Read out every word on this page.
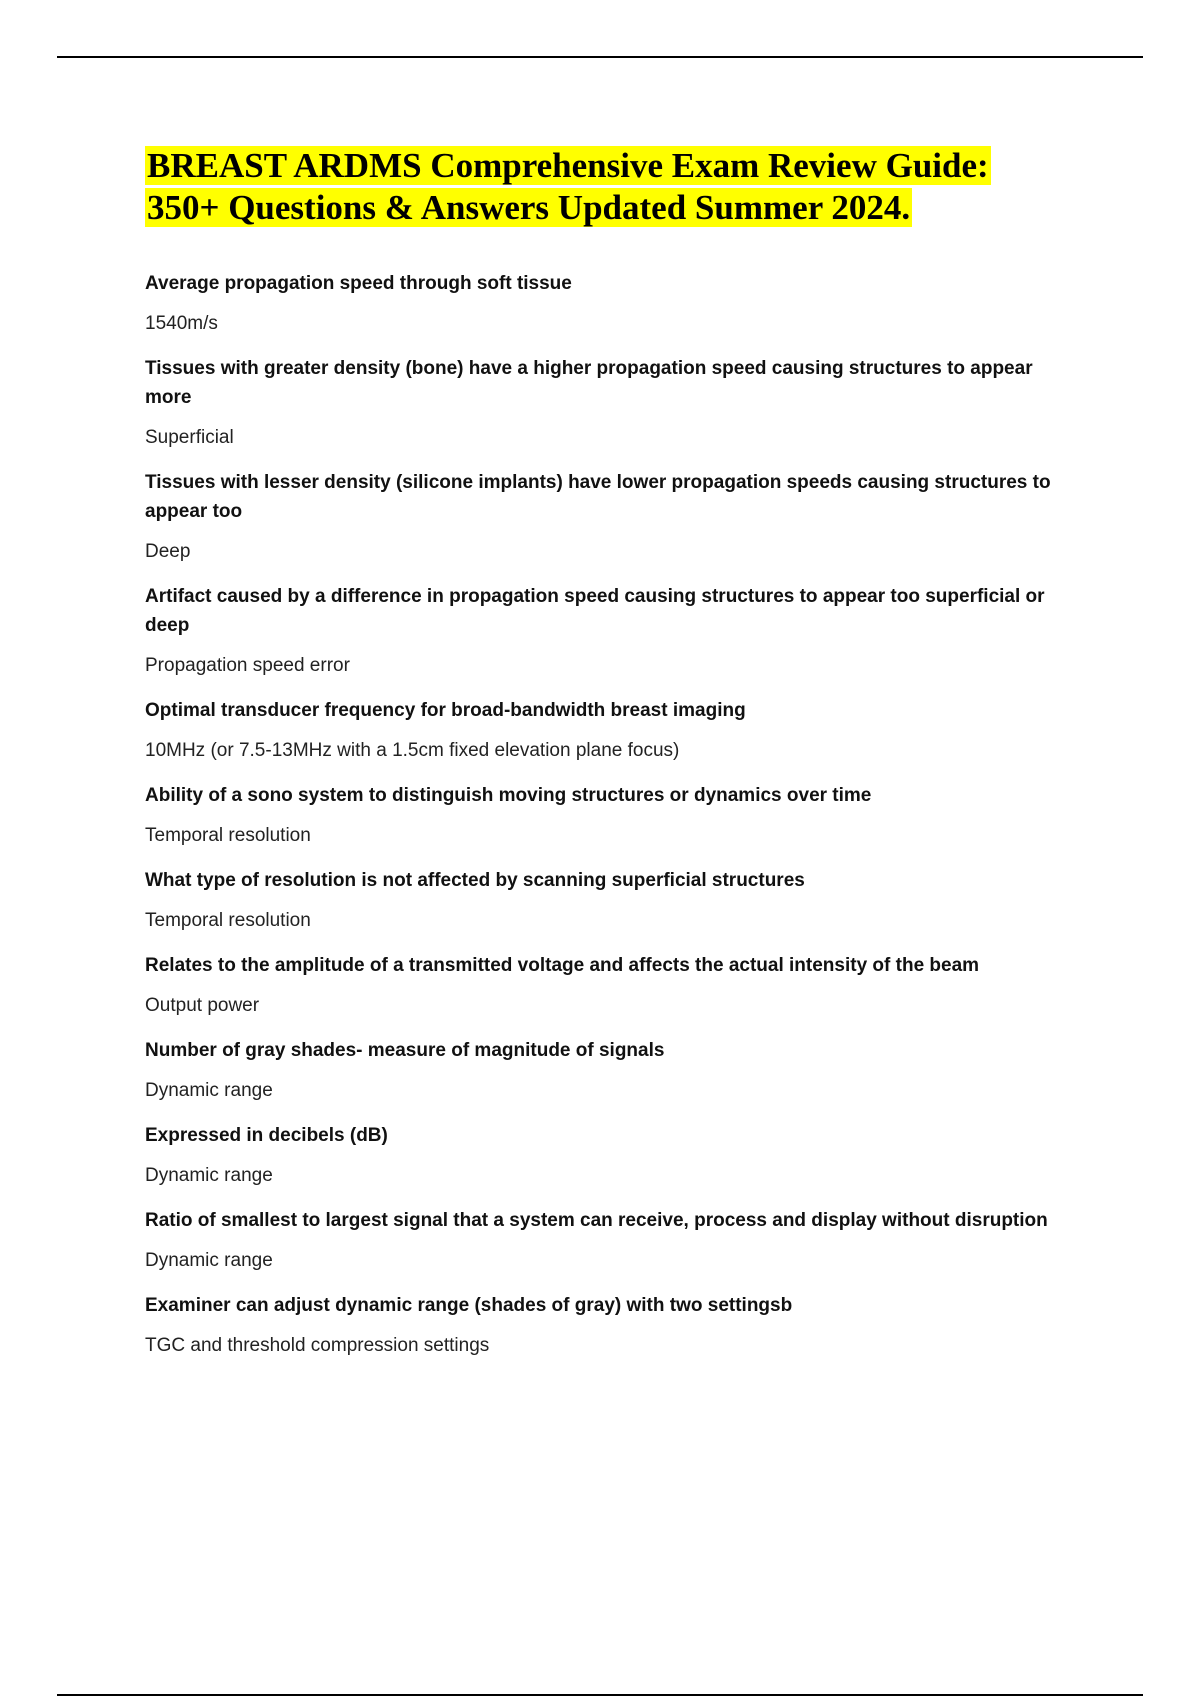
BREAST ARDMS Comprehensive Exam Review Guide:
350+ Questions & Answers Updated Summer 2024.

Average propagation speed through soft tissue

1540m/s

Tissues with greater density (bone) have a higher propagation speed causing structures to appear more

Superficial

Tissues with lesser density (silicone implants) have lower propagation speeds causing structures to appear too

Deep

Artifact caused by a difference in propagation speed causing structures to appear too superficial or deep

Propagation speed error

Optimal transducer frequency for broad-bandwidth breast imaging

10MHz (or 7.5-13MHz with a 1.5cm fixed elevation plane focus)

Ability of a sono system to distinguish moving structures or dynamics over time

Temporal resolution

What type of resolution is not affected by scanning superficial structures

Temporal resolution

Relates to the amplitude of a transmitted voltage and affects the actual intensity of the beam

Output power

Number of gray shades- measure of magnitude of signals

Dynamic range

Expressed in decibels (dB)

Dynamic range

Ratio of smallest to largest signal that a system can receive, process and display without disruption

Dynamic range

Examiner can adjust dynamic range (shades of gray) with two settingsb

TGC and threshold compression settings
